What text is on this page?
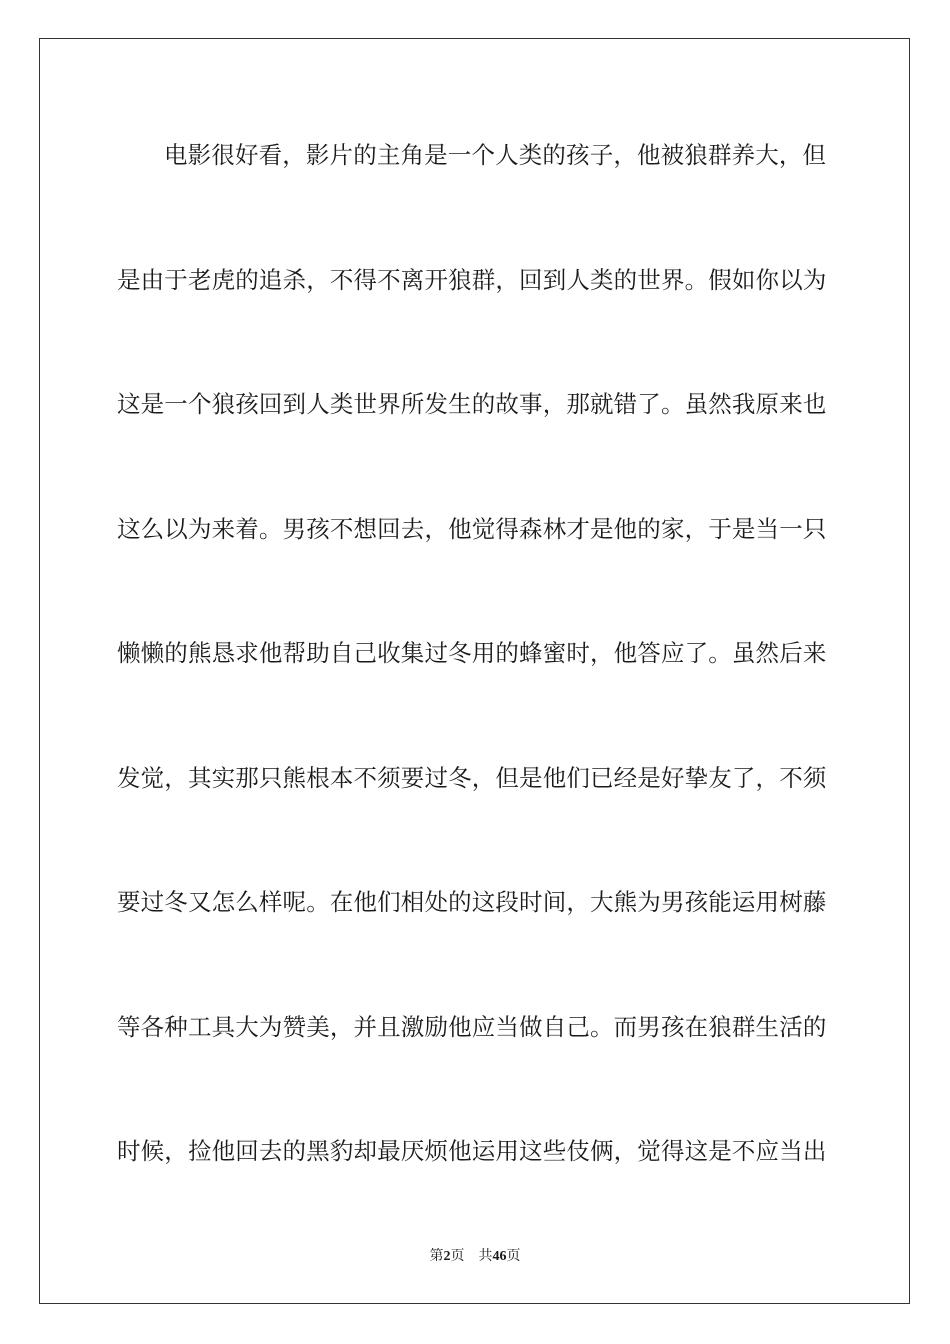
电影很好看，影片的主角是一个人类的孩子，他被狼群养大，但
是由于老虎的追杀，不得不离开狼群，回到人类的世界。假如你以为
这是一个狼孩回到人类世界所发生的故事，那就错了。虽然我原来也
这么以为来着。男孩不想回去，他觉得森林才是他的家，于是当一只
懒懒的熊恳求他帮助自己收集过冬用的蜂蜜时，他答应了。虽然后来
发觉，其实那只熊根本不须要过冬，但是他们已经是好挚友了，不须
要过冬又怎么样呢。在他们相处的这段时间，大熊为男孩能运用树藤
等各种工具大为赞美，并且激励他应当做自己。而男孩在狼群生活的
时候，捡他回去的黑豹却最厌烦他运用这些伎俩，觉得这是不应当出
第2页 共46页
